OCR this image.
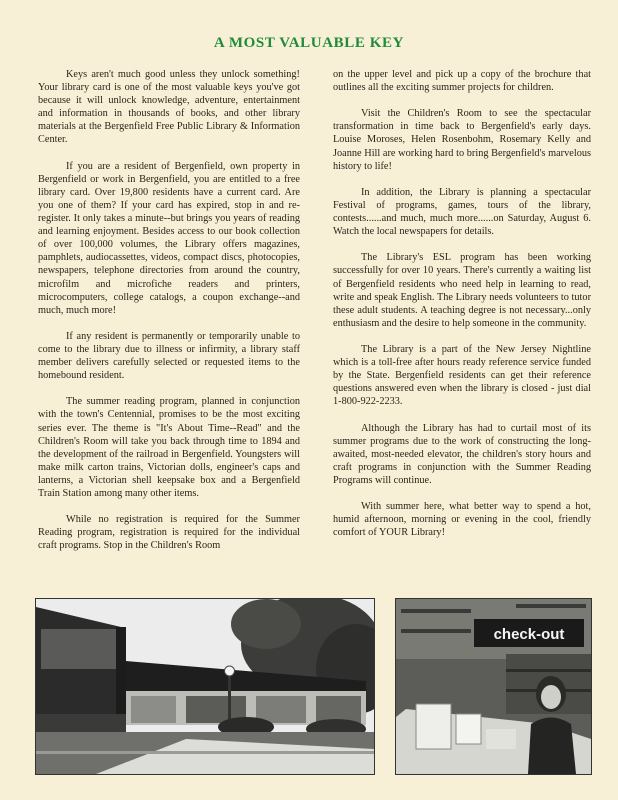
A MOST VALUABLE KEY

Keys aren't much good unless they unlock something! Your library card is one of the most valuable keys you've got because it will unlock knowledge, adventure, entertainment and information in thousands of books, and other library materials at the Bergenfield Free Public Library & Information Center.

If you are a resident of Bergenfield, own property in Bergenfield or work in Bergenfield, you are entitled to a free library card. Over 19,800 residents have a current card. Are you one of them? If your card has expired, stop in and re-register. It only takes a minute--but brings you years of reading and learning enjoyment. Besides access to our book collection of over 100,000 volumes, the Library offers magazines, pamphlets, audiocassettes, videos, compact discs, photocopies, newspapers, telephone directories from around the country, microfilm and microfiche readers and printers, microcomputers, college catalogs, a coupon exchange--and much, much more!

If any resident is permanently or temporarily unable to come to the library due to illness or infirmity, a library staff member delivers carefully selected or requested items to the homebound resident.

The summer reading program, planned in conjunction with the town's Centennial, promises to be the most exciting series ever. The theme is "It's About Time--Read" and the Children's Room will take you back through time to 1894 and the development of the railroad in Bergenfield. Youngsters will make milk carton trains, Victorian dolls, engineer's caps and lanterns, a Victorian shell keepsake box and a Bergenfield Train Station among many other items.

While no registration is required for the Summer Reading program, registration is required for the individual craft programs. Stop in the Children's Room

on the upper level and pick up a copy of the brochure that outlines all the exciting summer projects for children.

Visit the Children's Room to see the spectacular transformation in time back to Bergenfield's early days. Louise Moroses, Helen Rosenbohm, Rosemary Kelly and Joanne Hill are working hard to bring Bergenfield's marvelous history to life!

In addition, the Library is planning a spectacular Festival of programs, games, tours of the library, contests......and much, much more......on Saturday, August 6. Watch the local newspapers for details.

The Library's ESL program has been working successfully for over 10 years. There's currently a waiting list of Bergenfield residents who need help in learning to read, write and speak English. The Library needs volunteers to tutor these adult students. A teaching degree is not necessary...only enthusiasm and the desire to help someone in the community.

The Library is a part of the New Jersey Nightline which is a toll-free after hours ready reference service funded by the State. Bergenfield residents can get their reference questions answered even when the library is closed - just dial 1-800-922-2233.

Although the Library has had to curtail most of its summer programs due to the work of constructing the long-awaited, most-needed elevator, the children's story hours and craft programs in conjunction with the Summer Reading Programs will continue.

With summer here, what better way to spend a hot, humid afternoon, morning or evening in the cool, friendly comfort of YOUR Library!

check-out
